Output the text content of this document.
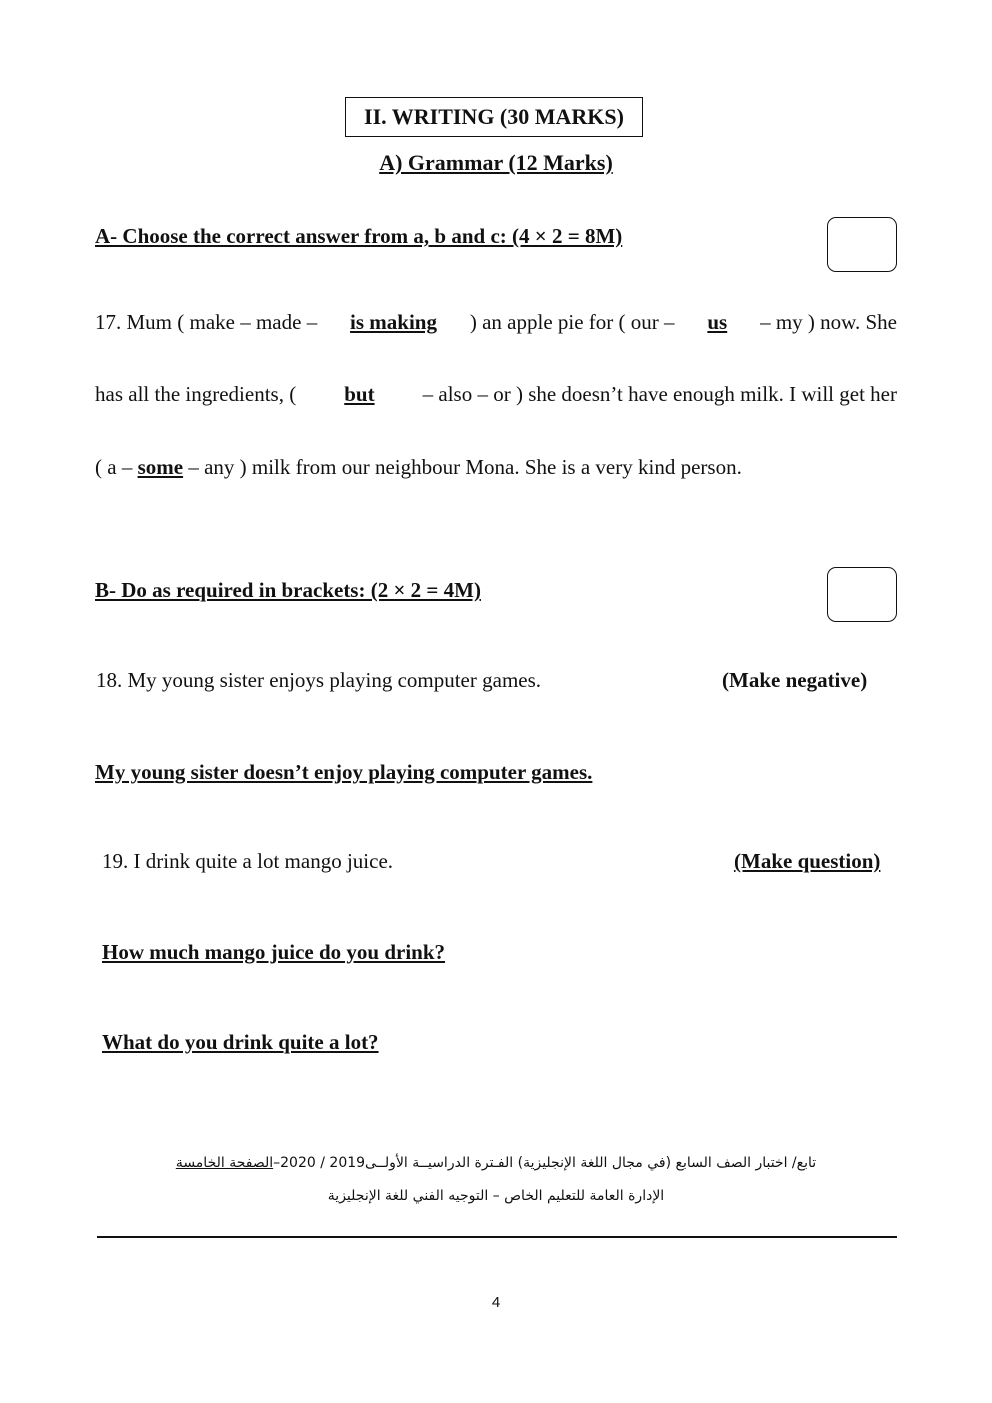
II. WRITING (30 MARKS)
A) Grammar (12 Marks)
A- Choose the correct answer from a, b and c: (4 × 2 = 8M)
17. Mum ( make – made – is making ) an apple pie for ( our – us – my ) now. She
has all the ingredients, ( but – also – or ) she doesn’t have enough milk. I will get her
( a – some – any ) milk from our neighbour Mona. She is a very kind person.
B- Do as required in brackets: (2 × 2 = 4M)
18. My young sister enjoys playing computer games.	(Make negative)
My young sister doesn’t enjoy playing computer games.
19. I drink quite a lot mango juice.	(Make question)
How much mango juice do you drink?
What do you drink quite a lot?
تابع/ اختبار الصف السابع (في مجال اللغة الإنجليزية) الفـترة الدراسيــة الأولــى2019 / 2020–الصفحة الخامسة
الإدارة العامة للتعليم الخاص – التوجيه الفني للغة الإنجليزية
4
